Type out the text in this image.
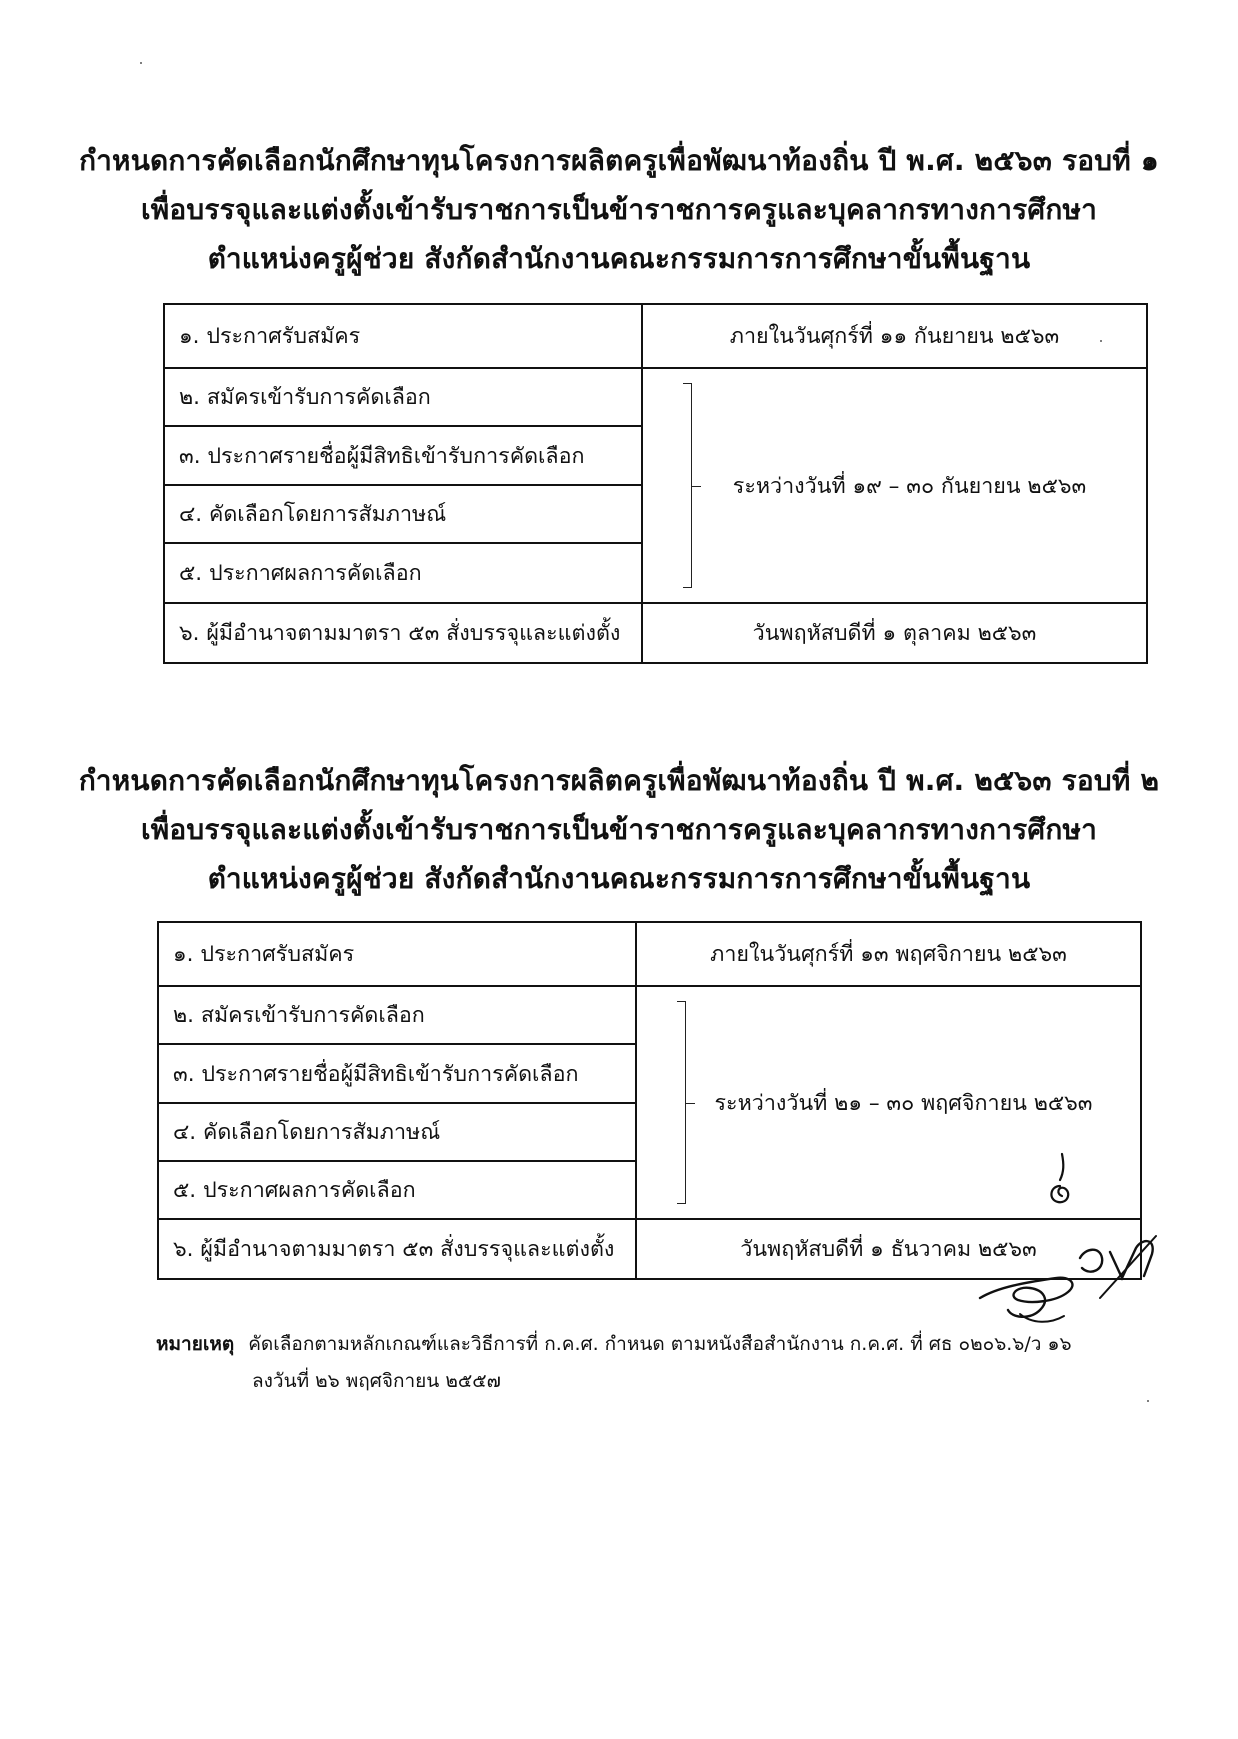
กำหนดการคัดเลือกนักศึกษาทุนโครงการผลิตครูเพื่อพัฒนาท้องถิ่น ปี พ.ศ. ๒๕๖๓ รอบที่ ๑
เพื่อบรรจุและแต่งตั้งเข้ารับราชการเป็นข้าราชการครูและบุคลากรทางการศึกษา
ตำแหน่งครูผู้ช่วย สังกัดสำนักงานคณะกรรมการการศึกษาขั้นพื้นฐาน
๑. ประกาศรับสมัคร	ภายในวันศุกร์ที่ ๑๑ กันยายน ๒๕๖๓
๒. สมัครเข้ารับการคัดเลือก	ระหว่างวันที่ ๑๙ – ๓๐ กันยายน ๒๕๖๓
๓. ประกาศรายชื่อผู้มีสิทธิเข้ารับการคัดเลือก	
๔. คัดเลือกโดยการสัมภาษณ์	
๕. ประกาศผลการคัดเลือก	
๖. ผู้มีอำนาจตามมาตรา ๕๓ สั่งบรรจุและแต่งตั้ง	วันพฤหัสบดีที่ ๑ ตุลาคม ๒๕๖๓
กำหนดการคัดเลือกนักศึกษาทุนโครงการผลิตครูเพื่อพัฒนาท้องถิ่น ปี พ.ศ. ๒๕๖๓ รอบที่ ๒
เพื่อบรรจุและแต่งตั้งเข้ารับราชการเป็นข้าราชการครูและบุคลากรทางการศึกษา
ตำแหน่งครูผู้ช่วย สังกัดสำนักงานคณะกรรมการการศึกษาขั้นพื้นฐาน
๑. ประกาศรับสมัคร	ภายในวันศุกร์ที่ ๑๓ พฤศจิกายน ๒๕๖๓
๒. สมัครเข้ารับการคัดเลือก	ระหว่างวันที่ ๒๑ – ๓๐ พฤศจิกายน ๒๕๖๓
๓. ประกาศรายชื่อผู้มีสิทธิเข้ารับการคัดเลือก	
๔. คัดเลือกโดยการสัมภาษณ์	
๕. ประกาศผลการคัดเลือก	
๖. ผู้มีอำนาจตามมาตรา ๕๓ สั่งบรรจุและแต่งตั้ง	วันพฤหัสบดีที่ ๑ ธันวาคม ๒๕๖๓
หมายเหตุ คัดเลือกตามหลักเกณฑ์และวิธีการที่ ก.ค.ศ. กำหนด ตามหนังสือสำนักงาน ก.ค.ศ. ที่ ศธ ๐๒๐๖.๖/ว ๑๖
ลงวันที่ ๒๖ พฤศจิกายน ๒๕๕๗
